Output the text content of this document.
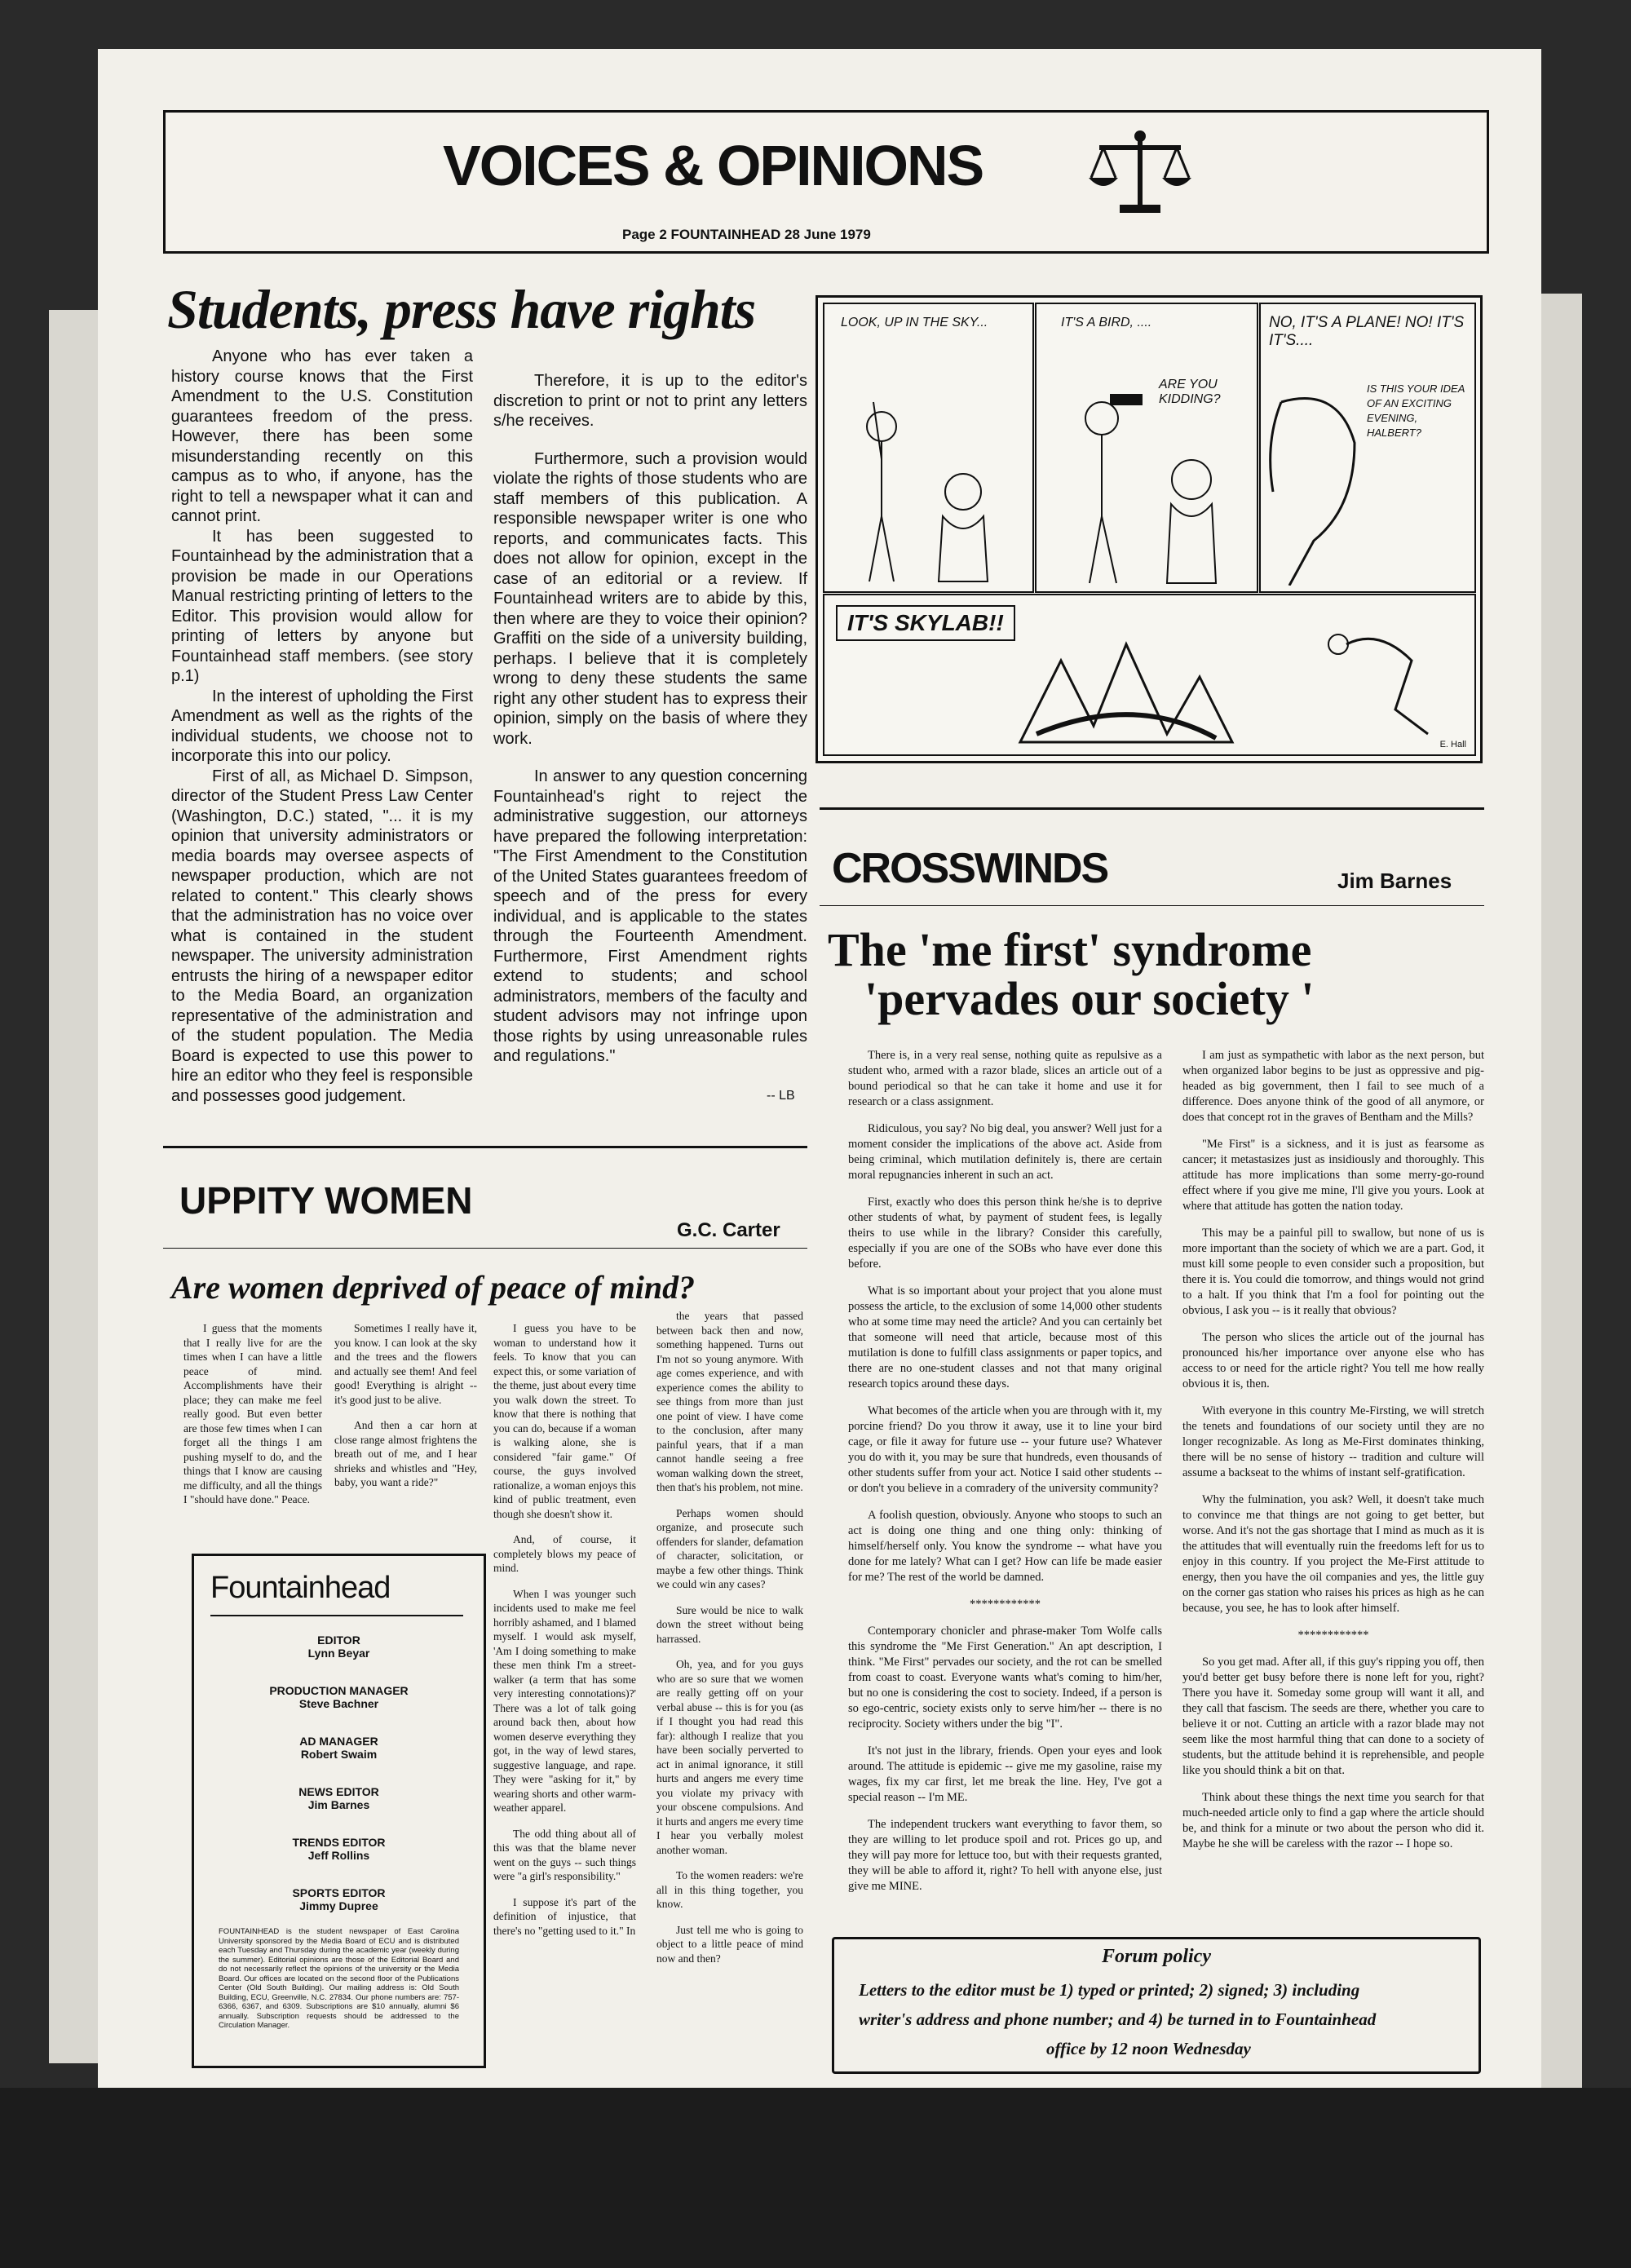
VOICES & OPINIONS
Page 2 FOUNTAINHEAD 28 June 1979
Students, press have rights

Anyone who has ever taken a history course knows that the First Amendment to the U.S. Constitution guarantees freedom of the press. However, there has been some misunderstanding recently on this campus as to who, if anyone, has the right to tell a newspaper what it can and cannot print.

It has been suggested to Fountainhead by the administration that a provision be made in our Operations Manual restricting printing of letters to the Editor. This provision would allow for printing of letters by anyone but Fountainhead staff members. (see story p.1)

In the interest of upholding the First Amendment as well as the rights of the individual students, we choose not to incorporate this into our policy.

First of all, as Michael D. Simpson, director of the Student Press Law Center (Washington, D.C.) stated, "... it is my opinion that university administrators or media boards may oversee aspects of newspaper production, which are not related to content." This clearly shows that the administration has no voice over what is contained in the student newspaper. The university administration entrusts the hiring of a newspaper editor to the Media Board, an organization representative of the administration and of the student population. The Media Board is expected to use this power to hire an editor who they feel is responsible and possesses good judgement.

Therefore, it is up to the editor's discretion to print or not to print any letters s/he receives.

Furthermore, such a provision would violate the rights of those students who are staff members of this publication. A responsible newspaper writer is one who reports, and communicates facts. This does not allow for opinion, except in the case of an editorial or a review. If Fountainhead writers are to abide by this, then where are they to voice their opinion? Graffiti on the side of a university building, perhaps. I believe that it is completely wrong to deny these students the same right any other student has to express their opinion, simply on the basis of where they work.

In answer to any question concerning Fountainhead's right to reject the administrative suggestion, our attorneys have prepared the following interpretation: "The First Amendment to the Constitution of the United States guarantees freedom of speech and of the press for every individual, and is applicable to the states through the Fourteenth Amendment. Furthermore, First Amendment rights extend to students; and school administrators, members of the faculty and student advisors may not infringe upon those rights by using unreasonable rules and regulations."

-- LB
LOOK, UP IN THE SKY...	IT'S A BIRD, ....
ARE YOU KIDDING?
NO, IT'S A PLANE! NO! IT'S IT'S....
IS THIS YOUR IDEA OF AN EXCITING EVENING, HALBERT?
IT'S SKYLAB!!
E. Hall
CROSSWINDS	Jim Barnes
The 'me first' syndrome
'pervades our society '

There is, in a very real sense, nothing quite as repulsive as a student who, armed with a razor blade, slices an article out of a bound periodical so that he can take it home and use it for research or a class assignment.

Ridiculous, you say? No big deal, you answer? Well just for a moment consider the implications of the above act. Aside from being criminal, which mutilation definitely is, there are certain moral repugnancies inherent in such an act.

First, exactly who does this person think he/she is to deprive other students of what, by payment of student fees, is legally theirs to use while in the library? Consider this carefully, especially if you are one of the SOBs who have ever done this before.

What is so important about your project that you alone must possess the article, to the exclusion of some 14,000 other students who at some time may need the article? And you can certainly bet that someone will need that article, because most of this mutilation is done to fulfill class assignments or paper topics, and there are no one-student classes and not that many original research topics around these days.

What becomes of the article when you are through with it, my porcine friend? Do you throw it away, use it to line your bird cage, or file it away for future use -- your future use? Whatever you do with it, you may be sure that hundreds, even thousands of other students suffer from your act. Notice I said other students -- or don't you believe in a comradery of the university community?

A foolish question, obviously. Anyone who stoops to such an act is doing one thing and one thing only: thinking of himself/herself only. You know the syndrome -- what have you done for me lately? What can I get? How can life be made easier for me? The rest of the world be damned.

************

Contemporary chonicler and phrase-maker Tom Wolfe calls this syndrome the "Me First Generation." An apt description, I think. "Me First" pervades our society, and the rot can be smelled from coast to coast. Everyone wants what's coming to him/her, but no one is considering the cost to society. Indeed, if a person is so ego-centric, society exists only to serve him/her -- there is no reciprocity. Society withers under the big "I".

It's not just in the library, friends. Open your eyes and look around. The attitude is epidemic -- give me my gasoline, raise my wages, fix my car first, let me break the line. Hey, I've got a special reason -- I'm ME.

The independent truckers want everything to favor them, so they are willing to let produce spoil and rot. Prices go up, and they will pay more for lettuce too, but with their requests granted, they will be able to afford it, right? To hell with anyone else, just give me MINE.

I am just as sympathetic with labor as the next person, but when organized labor begins to be just as oppressive and pig-headed as big government, then I fail to see much of a difference. Does anyone think of the good of all anymore, or does that concept rot in the graves of Bentham and the Mills?

"Me First" is a sickness, and it is just as fearsome as cancer; it metastasizes just as insidiously and thoroughly. This attitude has more implications than some merry-go-round effect where if you give me mine, I'll give you yours. Look at where that attitude has gotten the nation today.

This may be a painful pill to swallow, but none of us is more important than the society of which we are a part. God, it must kill some people to even consider such a proposition, but there it is. You could die tomorrow, and things would not grind to a halt. If you think that I'm a fool for pointing out the obvious, I ask you -- is it really that obvious?

The person who slices the article out of the journal has pronounced his/her importance over anyone else who has access to or need for the article right? You tell me how really obvious it is, then.

With everyone in this country Me-Firsting, we will stretch the tenets and foundations of our society until they are no longer recognizable. As long as Me-First dominates thinking, there will be no sense of history -- tradition and culture will assume a backseat to the whims of instant self-gratification.

Why the fulmination, you ask? Well, it doesn't take much to convince me that things are not going to get better, but worse. And it's not the gas shortage that I mind as much as it is the attitudes that will eventually ruin the freedoms left for us to enjoy in this country. If you project the Me-First attitude to energy, then you have the oil companies and yes, the little guy on the corner gas station who raises his prices as high as he can because, you see, he has to look after himself.

************

So you get mad. After all, if this guy's ripping you off, then you'd better get busy before there is none left for you, right? There you have it. Someday some group will want it all, and they call that fascism. The seeds are there, whether you care to believe it or not. Cutting an article with a razor blade may not seem like the most harmful thing that can done to a society of students, but the attitude behind it is reprehensible, and people like you should think a bit on that.

Think about these things the next time you search for that much-needed article only to find a gap where the article should be, and think for a minute or two about the person who did it. Maybe he she will be careless with the razor -- I hope so.

Forum policy
Letters to the editor must be 1) typed or printed; 2) signed; 3) including
writer's address and phone number; and 4) be turned in to Fountainhead
office by 12 noon Wednesday
UPPITY WOMEN
G.C. Carter
Are women deprived of peace of mind?

I guess that the moments that I really live for are the times when I can have a little peace of mind. Accomplishments have their place; they can make me feel really good. But even better are those few times when I can forget all the things I am pushing myself to do, and the things that I know are causing me difficulty, and all the things I "should have done." Peace.

Sometimes I really have it, you know. I can look at the sky and the trees and the flowers and actually see them! And feel good! Everything is alright -- it's good just to be alive.

And then a car horn at close range almost frightens the breath out of me, and I hear shrieks and whistles and "Hey, baby, you want a ride?"

I guess you have to be woman to understand how it feels. To know that you can expect this, or some variation of the theme, just about every time you walk down the street. To know that there is nothing that you can do, because if a woman is walking alone, she is considered "fair game." Of course, the guys involved rationalize, a woman enjoys this kind of public treatment, even though she doesn't show it.

And, of course, it completely blows my peace of mind.

When I was younger such incidents used to make me feel horribly ashamed, and I blamed myself. I would ask myself, 'Am I doing something to make these men think I'm a street-walker (a term that has some very interesting connotations)?' There was a lot of talk going around back then, about how women deserve everything they got, in the way of lewd stares, suggestive language, and rape. They were "asking for it," by wearing shorts and other warm-weather apparel.

The odd thing about all of this was that the blame never went on the guys -- such things were "a girl's responsibility."

I suppose it's part of the definition of injustice, that there's no "getting used to it." In

the years that passed between back then and now, something happened. Turns out I'm not so young anymore. With age comes experience, and with experience comes the ability to see things from more than just one point of view. I have come to the conclusion, after many painful years, that if a man cannot handle seeing a free woman walking down the street, then that's his problem, not mine.

Perhaps women should organize, and prosecute such offenders for slander, defamation of character, solicitation, or maybe a few other things. Think we could win any cases?

Sure would be nice to walk down the street without being harrassed.

Oh, yea, and for you guys who are so sure that we women are really getting off on your verbal abuse -- this is for you (as if I thought you had read this far): although I realize that you have been socially perverted to act in animal ignorance, it still hurts and angers me every time you violate my privacy with your obscene compulsions. And it hurts and angers me every time I hear you verbally molest another woman.

To the women readers: we're all in this thing together, you know.

Just tell me who is going to object to a little peace of mind now and then?

Fountainhead
EDITOR
Lynn Beyar
PRODUCTION MANAGER
Steve Bachner
AD MANAGER
Robert Swaim
NEWS EDITOR
Jim Barnes
TRENDS EDITOR
Jeff Rollins
SPORTS EDITOR
Jimmy Dupree
FOUNTAINHEAD is the student newspaper of East Carolina University sponsored by the Media Board of ECU and is distributed each Tuesday and Thursday during the academic year (weekly during the summer). Editorial opinions are those of the Editorial Board and do not necessarily reflect the opinions of the university or the Media Board. Our offices are located on the second floor of the Publications Center (Old South Building). Our mailing address is: Old South Building, ECU, Greenville, N.C. 27834. Our phone numbers are: 757-6366, 6367, and 6309. Subscriptions are $10 annually, alumni $6 annually. Subscription requests should be addressed to the Circulation Manager.
